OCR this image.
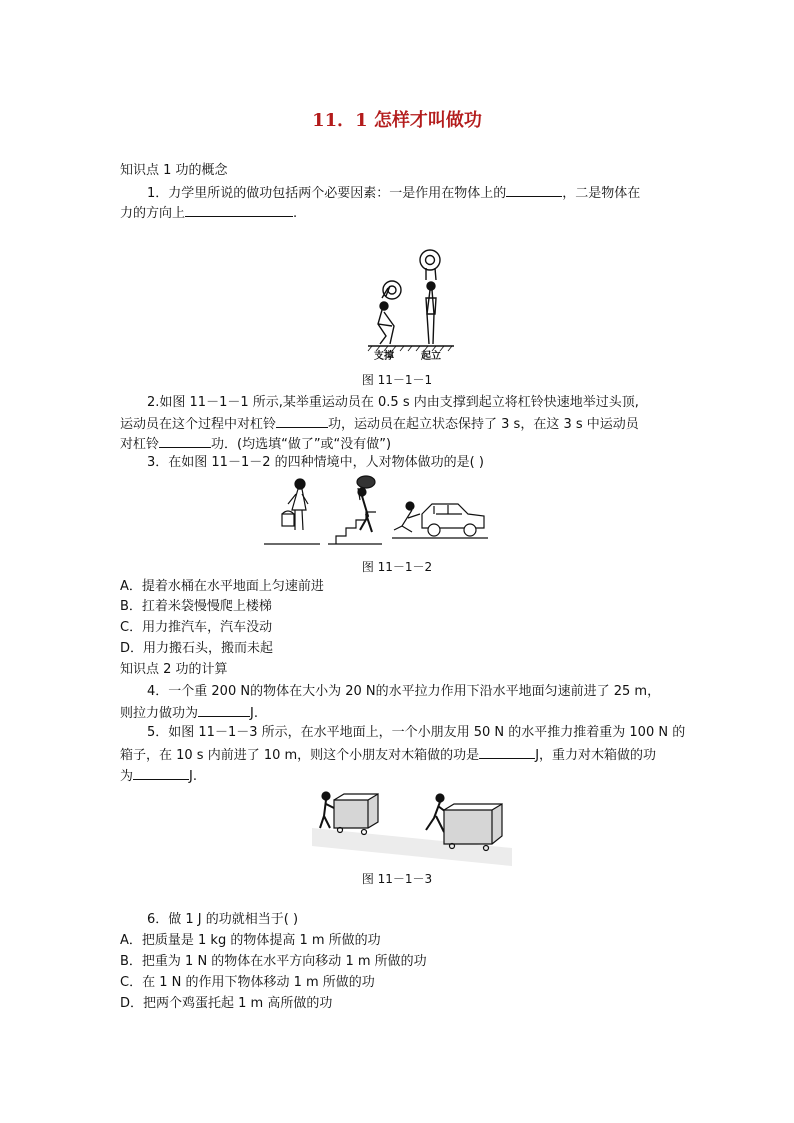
11．1 怎样才叫做功
知识点 1 功的概念
1．力学里所说的做功包括两个必要因素：一是作用在物体上的	，二是物体在
力的方向上	.
支撑	起立
图 11－1－1
2.如图 11－1－1 所示,某举重运动员在 0.5 s 内由支撑到起立将杠铃快速地举过头顶,
运动员在这个过程中对杠铃	功，运动员在起立状态保持了 3 s，在这 3 s 中运动员
对杠铃	功．(均选填“做了”或“没有做”)
3．在如图 11－1－2 的四种情境中，人对物体做功的是( )
图 11－1－2
A．提着水桶在水平地面上匀速前进
B．扛着米袋慢慢爬上楼梯
C．用力推汽车，汽车没动
D．用力搬石头，搬而未起
知识点 2 功的计算
4．一个重 200 N的物体在大小为 20 N的水平拉力作用下沿水平地面匀速前进了 25 m，
则拉力做功为	J.
5．如图 11－1－3 所示，在水平地面上，一个小朋友用 50 N 的水平推力推着重为 100 N 的
箱子，在 10 s 内前进了 10 m，则这个小朋友对木箱做的功是	J，重力对木箱做的功
为	J.
图 11－1－3
6．做 1 J 的功就相当于( )
A．把质量是 1 kg 的物体提高 1 m 所做的功
B．把重为 1 N 的物体在水平方向移动 1 m 所做的功
C．在 1 N 的作用下物体移动 1 m 所做的功
D．把两个鸡蛋托起 1 m 高所做的功
